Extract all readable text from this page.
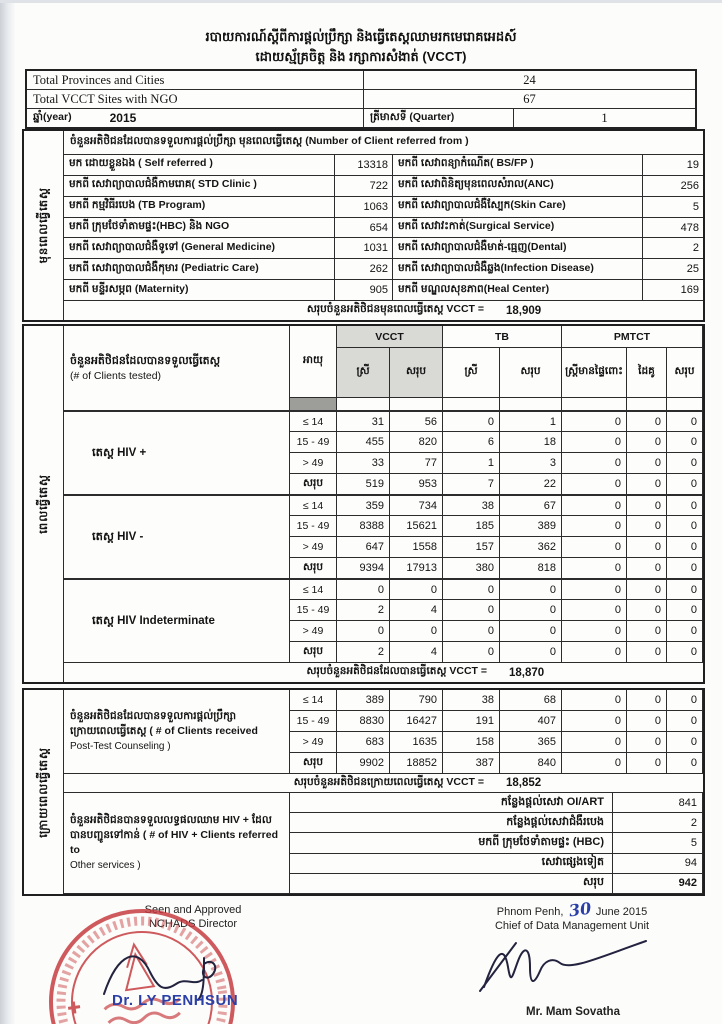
របាយការណ៍ស្តីពីការផ្តល់ប្រឹក្សា និងធ្វើតេស្តឈាមរកមេរោគអេដស៍
ដោយស្ម័គ្រចិត្ត និង រក្សាការសំងាត់ (VCCT)
Total Provinces and Cities	24
Total VCCT Sites with NGO	67
ឆ្នាំ(year)	2015	ត្រីមាសទី (Quarter)	1
មុនពេលធ្វើតេស្ត
ចំនួនអតិថិជនដែលបានទទួលការផ្តល់ប្រឹក្សា មុនពេលធ្វើតេស្ត (Number of Client referred from )
មក ដោយខ្លួនឯង ( Self referred )	13318 មកពី សេវាពន្យាកំណើត( BS/FP )	19
មកពី សេវាព្យាបាលជំងឺកាមរោគ( STD Clinic )	722 មកពី សេវាពិនិត្យមុនពេលសំរាល(ANC)	256
មកពី កម្មវិធីរបេង (TB Program)	1063 មកពី សេវាព្យាបាលជំងឺស្បែក(Skin Care)	5
មកពី ក្រុមថែទាំតាមផ្ទះ(HBC) និង NGO	654 មកពី សេវាវះកាត់(Surgical Service)	478
មកពី សេវាព្យាបាលជំងឺទូទៅ (General Medicine)	1031 មកពី សេវាព្យាបាលជំងឺមាត់-ធ្មេញ(Dental)	2
មកពី សេវាព្យាបាលជំងឺកុមារ (Pediatric Care)	262 មកពី សេវាព្យាបាលជំងឺឆ្លង(Infection Disease)	25
មកពី មន្ទីរសម្ភព (Maternity)	905 មកពី មណ្ឌលសុខភាព(Heal Center)	169
សរុបចំនួនអតិថិជនមុនពេលធ្វើតេស្ត VCCT = 18,909
ពេលធ្វើតេស្ត
ចំនួនអតិថិជនដែលបានទទួលធ្វើតេស្ត
(# of Clients tested)
អាយុ
VCCT	TB	PMTCT
ស្រី	សរុប	ស្រី	សរុប	ស្ត្រីមានផ្ទៃពោះ	ដៃគូ	សរុប
តេស្ត HIV +
≤ 14	31	56	0	1	0	0	0
15 - 49	455	820	6	18	0	0	0
> 49	33	77	1	3	0	0	0
សរុប	519	953	7	22	0	0	0
តេស្ត HIV -
≤ 14	359	734	38	67	0	0	0
15 - 49	8388	15621	185	389	0	0	0
> 49	647	1558	157	362	0	0	0
សរុប	9394	17913	380	818	0	0	0
តេស្ត HIV Indeterminate
≤ 14	0	0	0	0	0	0	0
15 - 49	2	4	0	0	0	0	0
> 49	0	0	0	0	0	0	0
សរុប	2	4	0	0	0	0	0
សរុបចំនួនអតិថិជនដែលបានធ្វើតេស្ត VCCT = 18,870
ក្រោយពេលធ្វើតេស្ត
ចំនួនអតិថិជនដែលបានទទួលការផ្តល់ប្រឹក្សា
ក្រោយពេលធ្វើតេស្ត ( # of Clients received
Post-Test Counseling )
≤ 14	389	790	38	68	0	0	0
15 - 49	8830	16427	191	407	0	0	0
> 49	683	1635	158	365	0	0	0
សរុប	9902	18852	387	840	0	0	0
សរុបចំនួនអតិថិជនក្រោយពេលធ្វើតេស្ត VCCT = 18,852
ចំនួនអតិថិជនបានទទួលលទ្ធផលឈាម HIV + ដែល
បានបញ្ជូនទៅកាន់ ( # of HIV + Clients referred to
Other services )
កន្លែងផ្តល់សេវា OI/ART	841
កន្លែងផ្តល់សេវាជំងឺរបេង	2
មកពី ក្រុមថែទាំតាមផ្ទះ (HBC)	5
សេវាផ្សេងទៀត	94
សរុប	942
Seen and Approved
NCHADS Director
Dr. LY PENHSUN
Phnom Penh, 30 June 2015
Chief of Data Management Unit
Mr. Mam Sovatha
